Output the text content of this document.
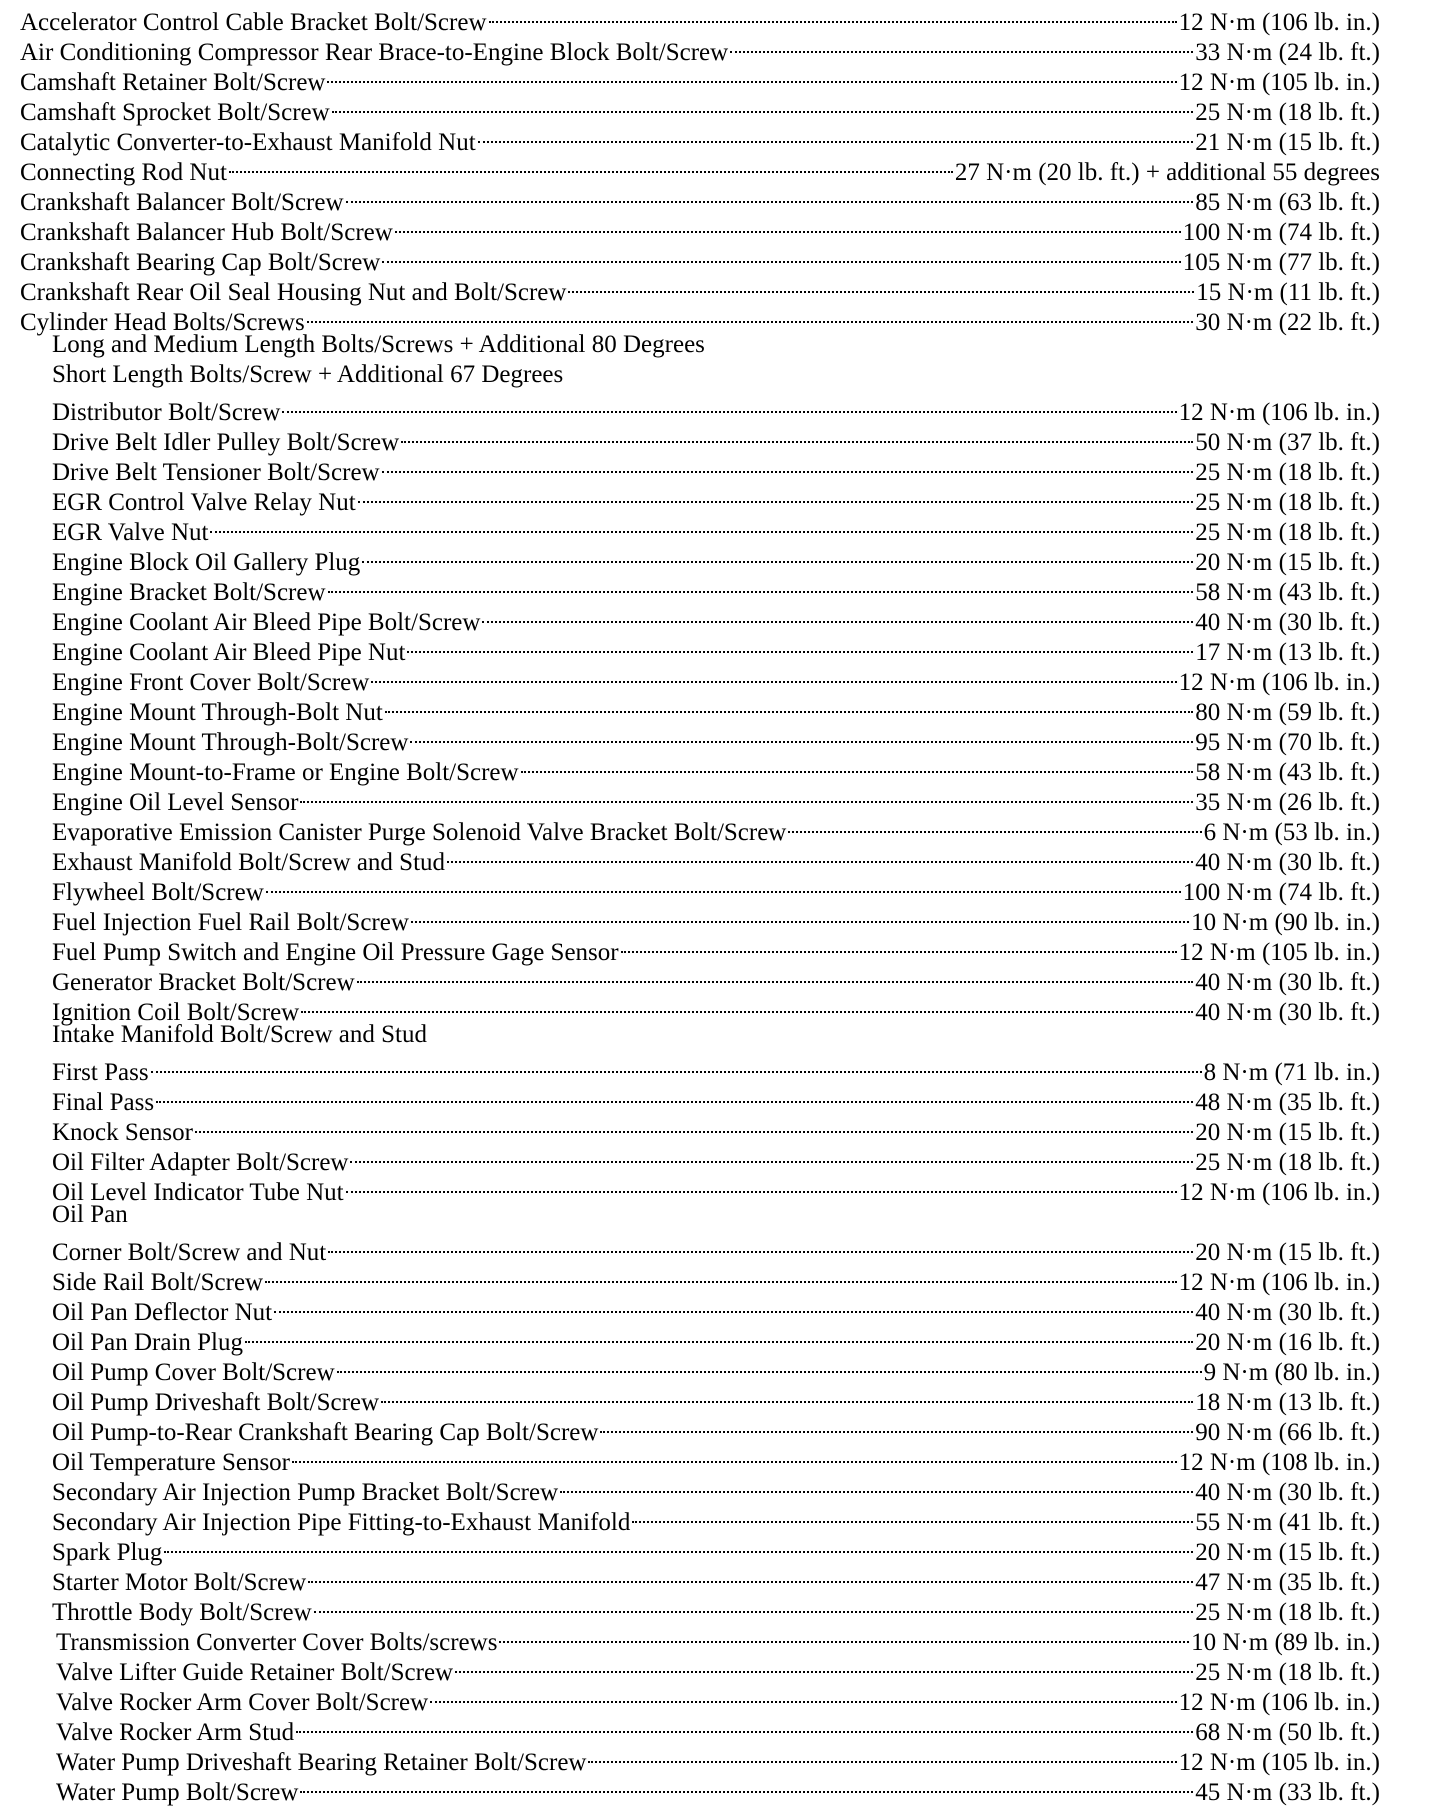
Accelerator Control Cable Bracket Bolt/Screw	12 N·m (106 lb. in.)
Air Conditioning Compressor Rear Brace-to-Engine Block Bolt/Screw	33 N·m (24 lb. ft.)
Camshaft Retainer Bolt/Screw	12 N·m (105 lb. in.)
Camshaft Sprocket Bolt/Screw	25 N·m (18 lb. ft.)
Catalytic Converter-to-Exhaust Manifold Nut	21 N·m (15 lb. ft.)
Connecting Rod Nut	27 N·m (20 lb. ft.) + additional 55 degrees
Crankshaft Balancer Bolt/Screw	85 N·m (63 lb. ft.)
Crankshaft Balancer Hub Bolt/Screw	100 N·m (74 lb. ft.)
Crankshaft Bearing Cap Bolt/Screw	105 N·m (77 lb. ft.)
Crankshaft Rear Oil Seal Housing Nut and Bolt/Screw	15 N·m (11 lb. ft.)
Cylinder Head Bolts/Screws	30 N·m (22 lb. ft.)
Long and Medium Length Bolts/Screws + Additional 80 Degrees
Short Length Bolts/Screw + Additional 67 Degrees
Distributor Bolt/Screw	12 N·m (106 lb. in.)
Drive Belt Idler Pulley Bolt/Screw	50 N·m (37 lb. ft.)
Drive Belt Tensioner Bolt/Screw	25 N·m (18 lb. ft.)
EGR Control Valve Relay Nut	25 N·m (18 lb. ft.)
EGR Valve Nut	25 N·m (18 lb. ft.)
Engine Block Oil Gallery Plug	20 N·m (15 lb. ft.)
Engine Bracket Bolt/Screw	58 N·m (43 lb. ft.)
Engine Coolant Air Bleed Pipe Bolt/Screw	40 N·m (30 lb. ft.)
Engine Coolant Air Bleed Pipe Nut	17 N·m (13 lb. ft.)
Engine Front Cover Bolt/Screw	12 N·m (106 lb. in.)
Engine Mount Through-Bolt Nut	80 N·m (59 lb. ft.)
Engine Mount Through-Bolt/Screw	95 N·m (70 lb. ft.)
Engine Mount-to-Frame or Engine Bolt/Screw	58 N·m (43 lb. ft.)
Engine Oil Level Sensor	35 N·m (26 lb. ft.)
Evaporative Emission Canister Purge Solenoid Valve Bracket Bolt/Screw	6 N·m (53 lb. in.)
Exhaust Manifold Bolt/Screw and Stud	40 N·m (30 lb. ft.)
Flywheel Bolt/Screw	100 N·m (74 lb. ft.)
Fuel Injection Fuel Rail Bolt/Screw	10 N·m (90 lb. in.)
Fuel Pump Switch and Engine Oil Pressure Gage Sensor	12 N·m (105 lb. in.)
Generator Bracket Bolt/Screw	40 N·m (30 lb. ft.)
Ignition Coil Bolt/Screw	40 N·m (30 lb. ft.)
Intake Manifold Bolt/Screw and Stud
First Pass	8 N·m (71 lb. in.)
Final Pass	48 N·m (35 lb. ft.)
Knock Sensor	20 N·m (15 lb. ft.)
Oil Filter Adapter Bolt/Screw	25 N·m (18 lb. ft.)
Oil Level Indicator Tube Nut	12 N·m (106 lb. in.)
Oil Pan
Corner Bolt/Screw and Nut	20 N·m (15 lb. ft.)
Side Rail Bolt/Screw	12 N·m (106 lb. in.)
Oil Pan Deflector Nut	40 N·m (30 lb. ft.)
Oil Pan Drain Plug	20 N·m (16 lb. ft.)
Oil Pump Cover Bolt/Screw	9 N·m (80 lb. in.)
Oil Pump Driveshaft Bolt/Screw	18 N·m (13 lb. ft.)
Oil Pump-to-Rear Crankshaft Bearing Cap Bolt/Screw	90 N·m (66 lb. ft.)
Oil Temperature Sensor	12 N·m (108 lb. in.)
Secondary Air Injection Pump Bracket Bolt/Screw	40 N·m (30 lb. ft.)
Secondary Air Injection Pipe Fitting-to-Exhaust Manifold	55 N·m (41 lb. ft.)
Spark Plug	20 N·m (15 lb. ft.)
Starter Motor Bolt/Screw	47 N·m (35 lb. ft.)
Throttle Body Bolt/Screw	25 N·m (18 lb. ft.)
Transmission Converter Cover Bolts/screws	10 N·m (89 lb. in.)
Valve Lifter Guide Retainer Bolt/Screw	25 N·m (18 lb. ft.)
Valve Rocker Arm Cover Bolt/Screw	12 N·m (106 lb. in.)
Valve Rocker Arm Stud	68 N·m (50 lb. ft.)
Water Pump Driveshaft Bearing Retainer Bolt/Screw	12 N·m (105 lb. in.)
Water Pump Bolt/Screw	45 N·m (33 lb. ft.)
